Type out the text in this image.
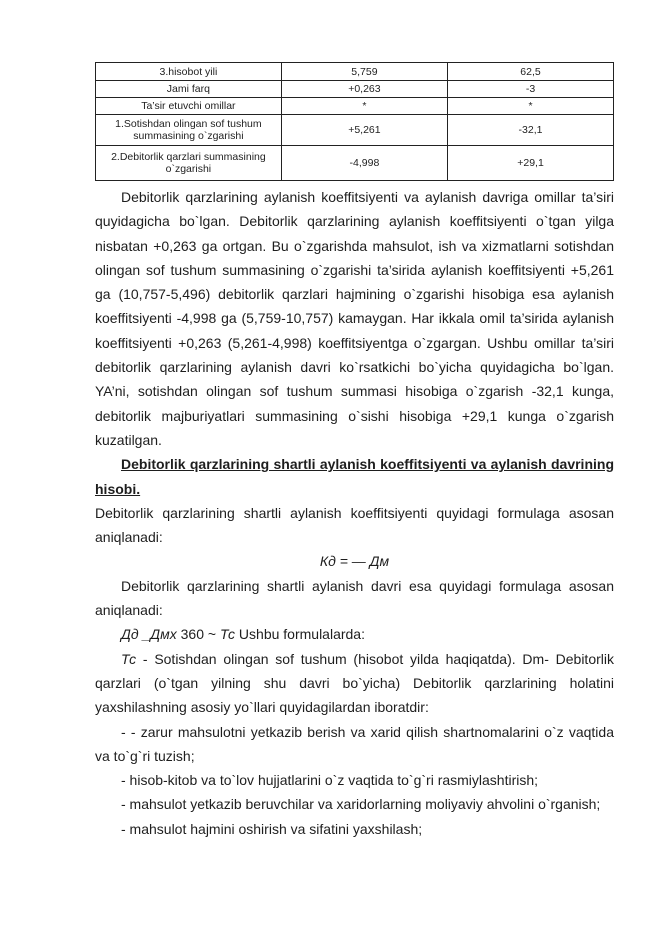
3.hisobot yili	5,759	62,5
Jami farq	+0,263	-3
Ta’sir etuvchi omillar	*	*
1.Sotishdan olingan sof tushum summasining o`zgarishi	+5,261	-32,1
2.Debitorlik qarzlari summasining o`zgarishi	-4,998	+29,1

Debitorlik qarzlarining aylanish koeffitsiyenti va aylanish davriga omillar ta’siri quyidagicha bo`lgan. Debitorlik qarzlarining aylanish koeffitsiyenti o`tgan yilga nisbatan +0,263 ga ortgan. Bu o`zgarishda mahsulot, ish va xizmatlarni sotishdan olingan sof tushum summasining o`zgarishi ta’sirida aylanish koeffitsiyenti +5,261 ga (10,757-5,496) debitorlik qarzlari hajmining o`zgarishi hisobiga esa aylanish koeffitsiyenti -4,998 ga (5,759-10,757) kamaygan. Har ikkala omil ta’sirida aylanish koeffitsiyenti +0,263 (5,261-4,998) koeffitsiyentga o`zgargan. Ushbu omillar ta’siri debitorlik qarzlarining aylanish davri ko`rsatkichi bo`yicha quyidagicha bo`lgan. YA’ni, sotishdan olingan sof tushum summasi hisobiga o`zgarish -32,1 kunga, debitorlik majburiyatlari summasining o`sishi hisobiga +29,1 kunga o`zgarish kuzatilgan.

Debitorlik qarzlarining shartli aylanish koeffitsiyenti va aylanish davrining hisobi.

Debitorlik qarzlarining shartli aylanish koeffitsiyenti quyidagi formulaga asosan aniqlanadi:

Кд = — Дм

Debitorlik qarzlarining shartli aylanish davri esa quyidagi formulaga asosan aniqlanadi:

Дд _Дмх 360 ~ Тс Ushbu formulalarda:

Тс - Sotishdan olingan sof tushum (hisobot yilda haqiqatda). Dm- Debitorlik qarzlari (o`tgan yilning shu davri bo`yicha) Debitorlik qarzlarining holatini yaxshilashning asosiy yo`llari quyidagilardan iboratdir:

- - zarur mahsulotni yetkazib berish va xarid qilish shartnomalarini o`z vaqtida va to`g`ri tuzish;

- hisob-kitob va to`lov hujjatlarini o`z vaqtida to`g`ri rasmiylashtirish;

- mahsulot yetkazib beruvchilar va xaridorlarning moliyaviy ahvolini o`rganish;

- mahsulot hajmini oshirish va sifatini yaxshilash;
